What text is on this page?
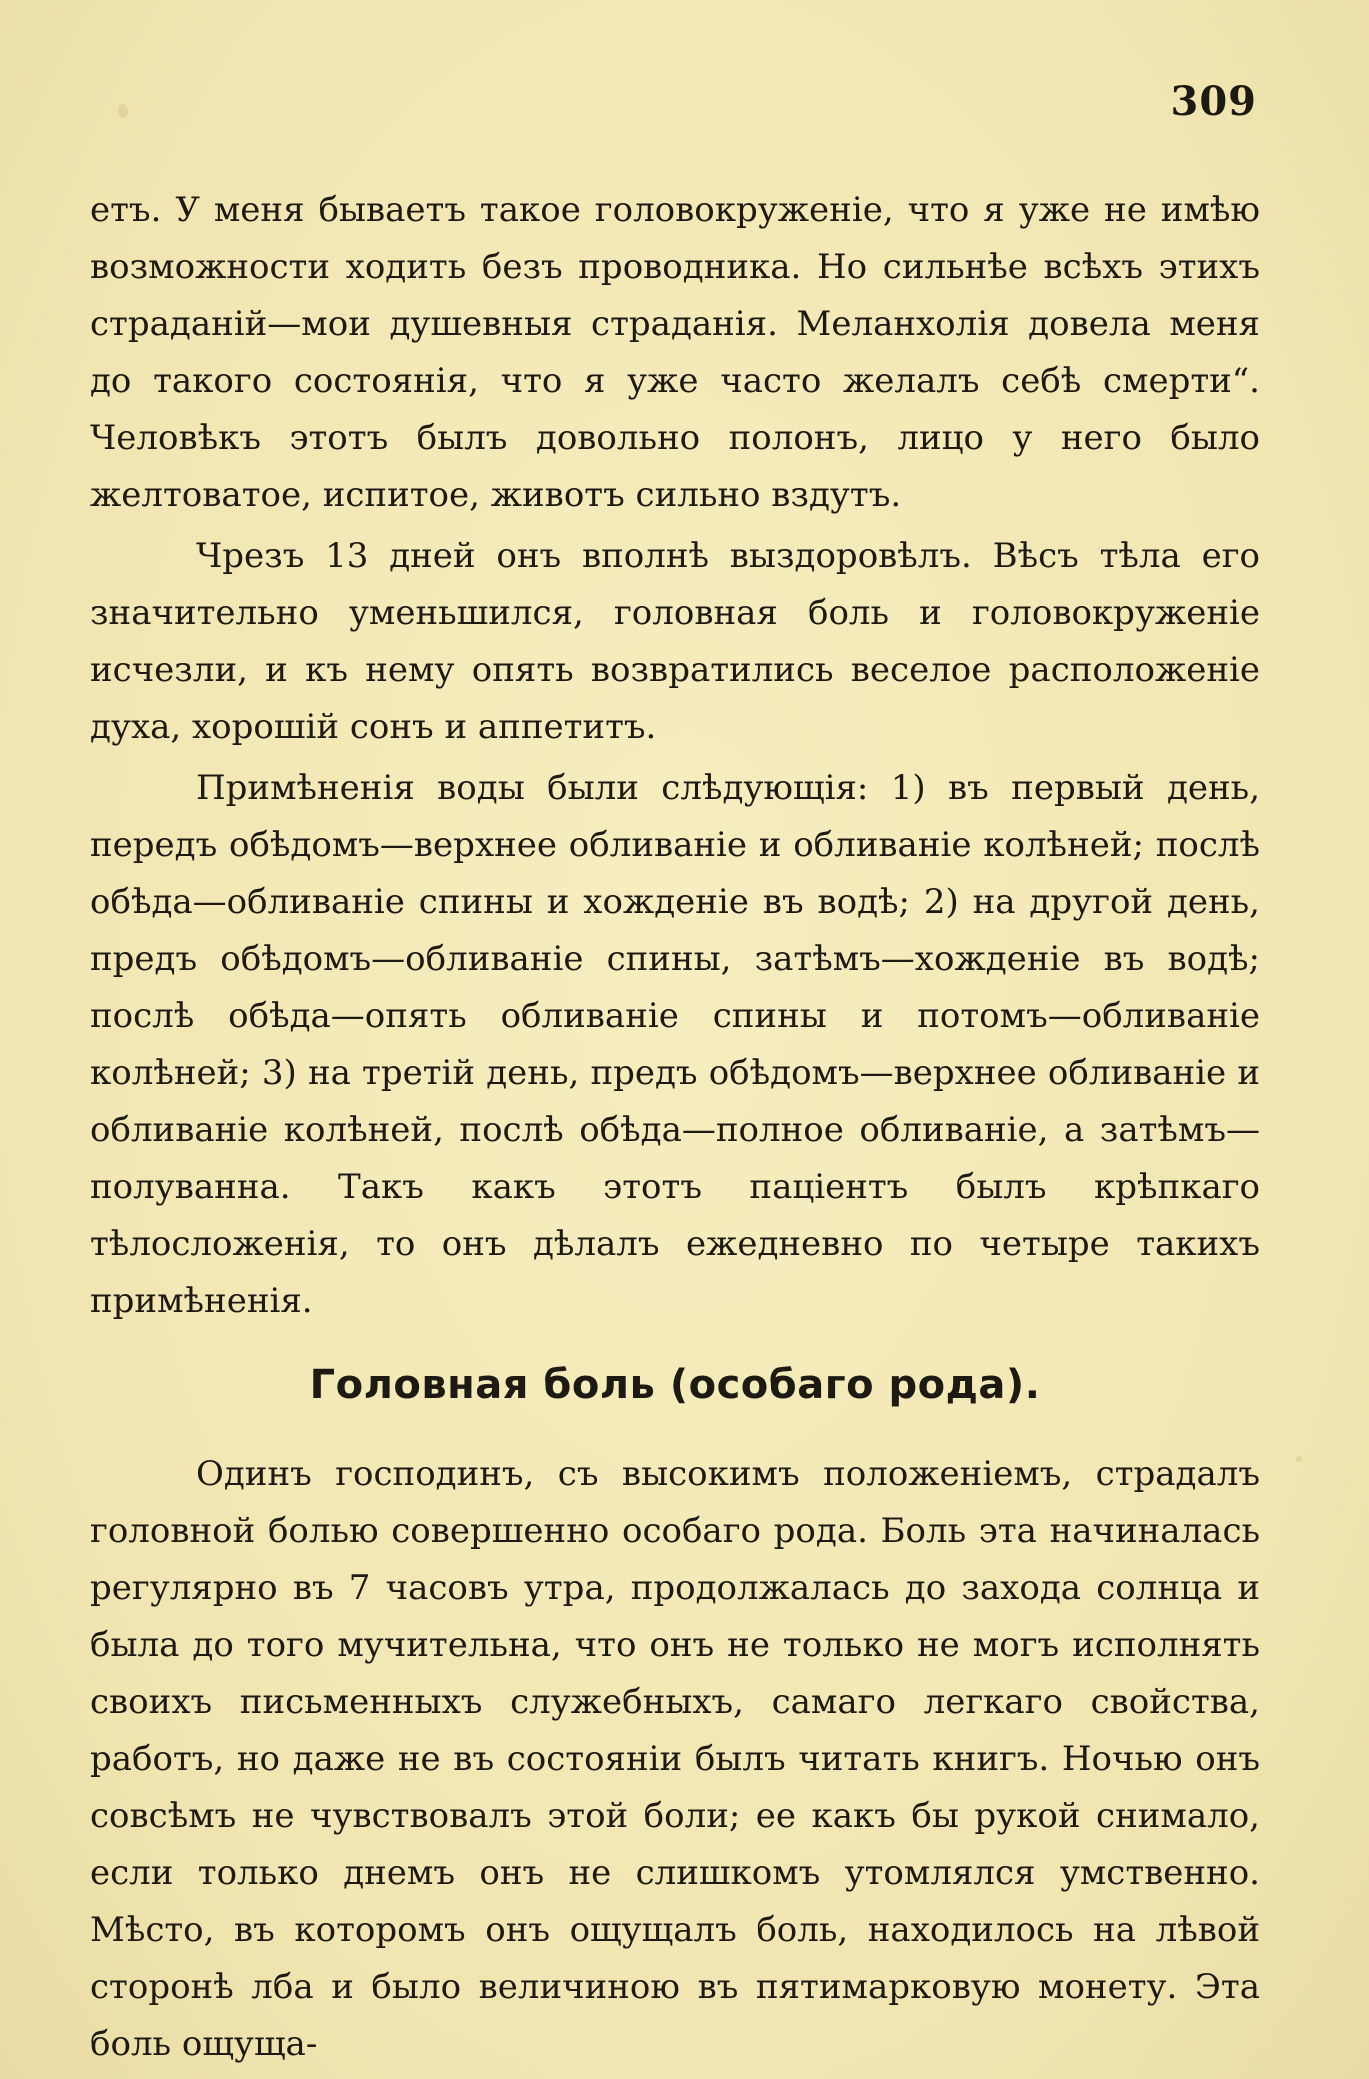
309

етъ. У меня бываетъ такое головокруженіе, что я уже не имѣю возможности ходить безъ проводника. Но сильнѣе всѣхъ этихъ страданій—мои душевныя страданія. Меланхолія довела меня до такого состоянія, что я уже часто желалъ себѣ смерти“. Человѣкъ этотъ былъ довольно полонъ, лицо у него было желтоватое, испитое, животъ сильно вздутъ.

Чрезъ 13 дней онъ вполнѣ выздоровѣлъ. Вѣсъ тѣла его значительно уменьшился, головная боль и головокруженіе исчезли, и къ нему опять возвратились веселое расположеніе духа, хорошій сонъ и аппетитъ.

Примѣненія воды были слѣдующія: 1) въ первый день, передъ обѣдомъ—верхнее обливаніе и обливаніе колѣней; послѣ обѣда—обливаніе спины и хожденіе въ водѣ; 2) на другой день, предъ обѣдомъ—обливаніе спины, затѣмъ—хожденіе въ водѣ; послѣ обѣда—опять обливаніе спины и потомъ—обливаніе колѣней; 3) на третій день, предъ обѣдомъ—верхнее обливаніе и обливаніе колѣней, послѣ обѣда—полное обливаніе, а затѣмъ—полуванна. Такъ какъ этотъ паціентъ былъ крѣпкаго тѣлосложенія, то онъ дѣлалъ ежедневно по четыре такихъ примѣненія.

Головная боль (особаго рода).

Одинъ господинъ, съ высокимъ положеніемъ, страдалъ головной болью совершенно особаго рода. Боль эта начиналась регулярно въ 7 часовъ утра, продолжалась до захода солнца и была до того мучительна, что онъ не только не могъ исполнять своихъ письменныхъ служебныхъ, самаго легкаго свойства, работъ, но даже не въ состояніи былъ читать книгъ. Ночью онъ совсѣмъ не чувствовалъ этой боли; ее какъ бы рукой снимало, если только днемъ онъ не слишкомъ утомлялся умственно. Мѣсто, въ которомъ онъ ощущалъ боль, находилось на лѣвой сторонѣ лба и было величиною въ пятимарковую монету. Эта боль ощуща-
